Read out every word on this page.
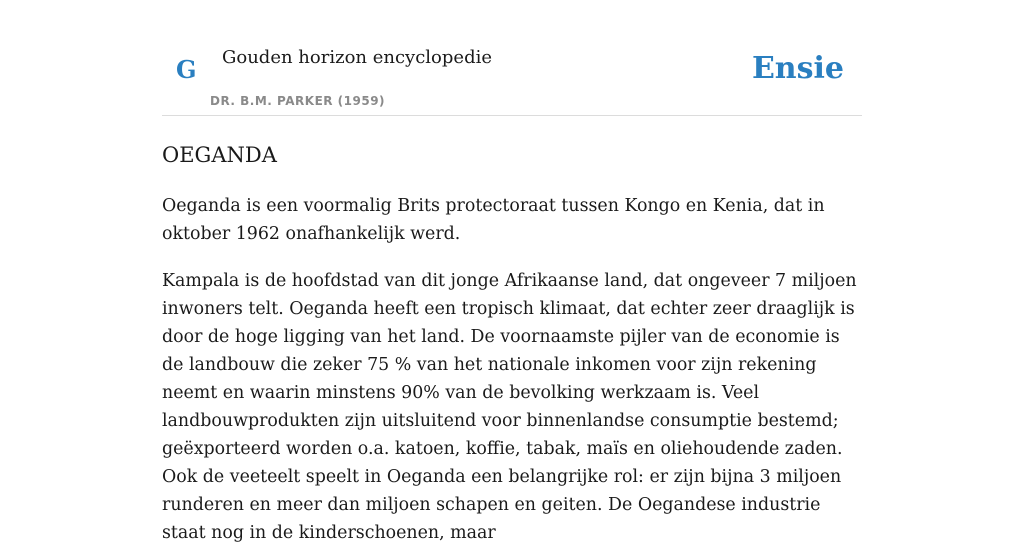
G Gouden horizon encyclopedie
DR. B.M. PARKER (1959)
Ensie
OEGANDA

Oeganda is een voormalig Brits protectoraat tussen Kongo en Kenia, dat in oktober 1962 onafhankelijk werd.

Kampala is de hoofdstad van dit jonge Afrikaanse land, dat ongeveer 7 miljoen inwoners telt. Oeganda heeft een tropisch klimaat, dat echter zeer draaglijk is door de hoge ligging van het land. De voornaamste pijler van de economie is de landbouw die zeker 75 % van het nationale inkomen voor zijn rekening neemt en waarin minstens 90% van de bevolking werkzaam is. Veel landbouwprodukten zijn uitsluitend voor binnenlandse consumptie bestemd; geëxporteerd worden o.a. katoen, koffie, tabak, maïs en oliehoudende zaden. Ook de veeteelt speelt in Oeganda een belangrijke rol: er zijn bijna 3 miljoen runderen en meer dan miljoen schapen en geiten. De Oegandese industrie staat nog in de kinderschoenen, maar
